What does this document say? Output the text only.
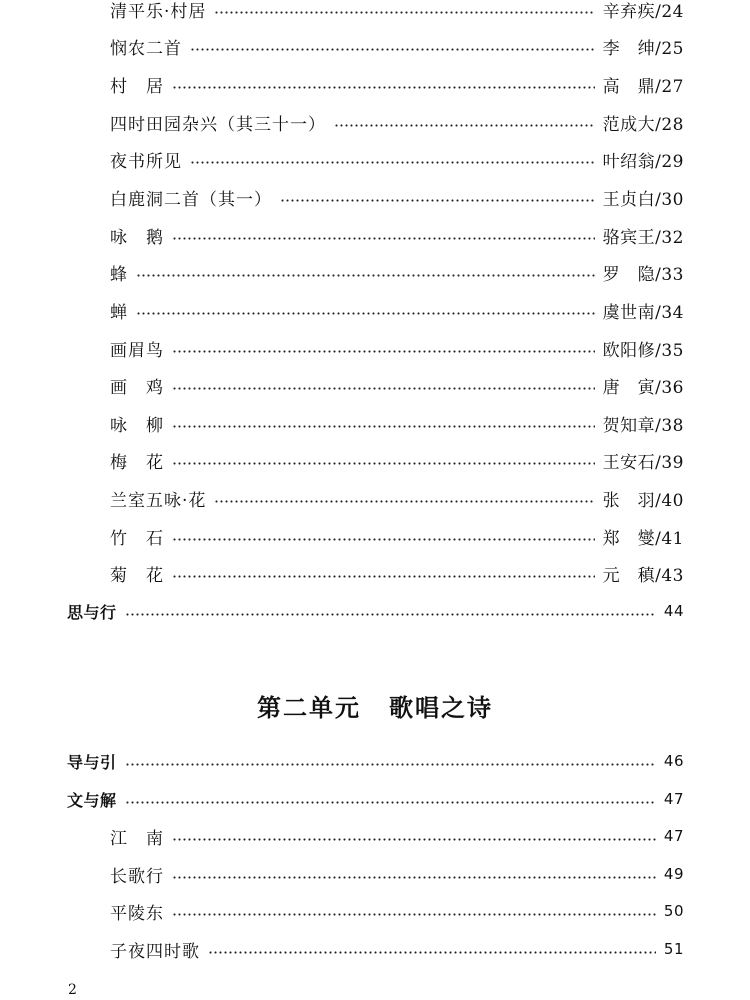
清平乐·村居	辛弃疾/24
悯农二首	李　绅/25
村　居	高　鼎/27
四时田园杂兴（其三十一）	范成大/28
夜书所见	叶绍翁/29
白鹿洞二首（其一）	王贞白/30
咏　鹅	骆宾王/32
蜂	罗　隐/33
蝉	虞世南/34
画眉鸟	欧阳修/35
画　鸡	唐　寅/36
咏　柳	贺知章/38
梅　花	王安石/39
兰室五咏·花	张　羽/40
竹　石	郑　燮/41
菊　花	元　稹/43
思与行	44
第二单元 歌唱之诗
导与引	46
文与解	47
江　南	47
长歌行	49
平陵东	50
子夜四时歌	51
2
